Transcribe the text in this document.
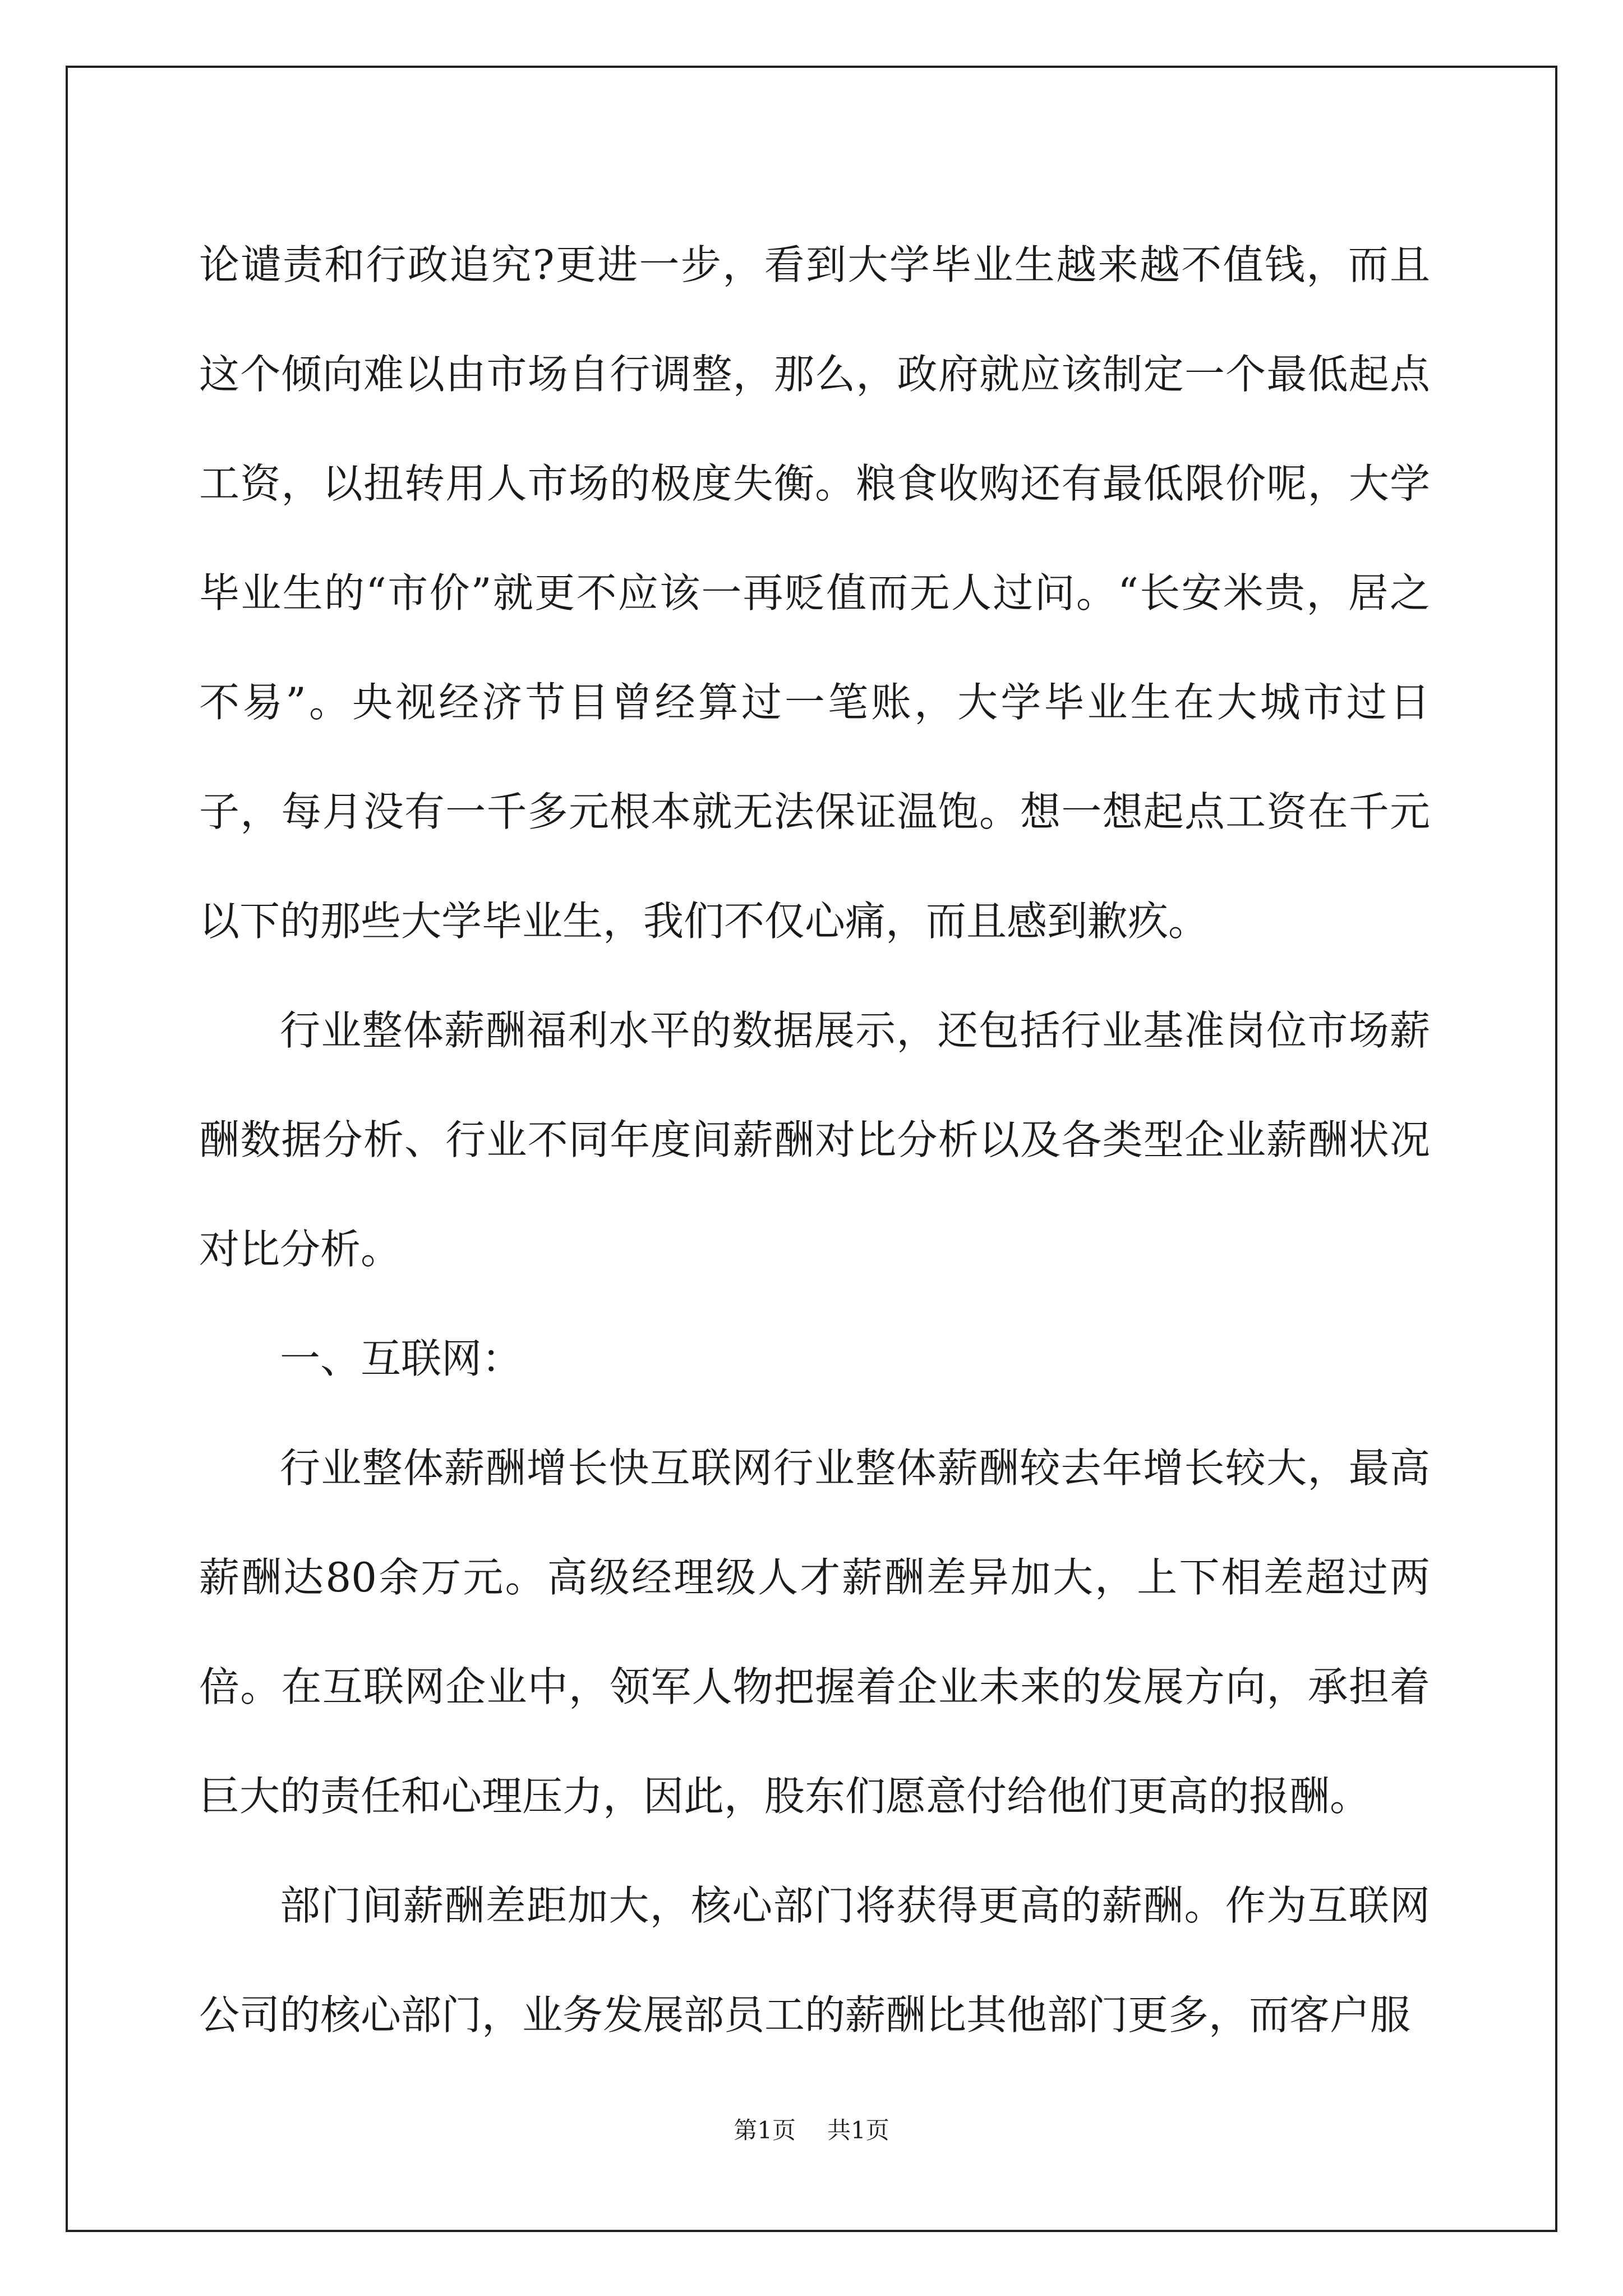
论谴责和行政追究?更进一步，看到大学毕业生越来越不值钱，而且这个倾向难以由市场自行调整，那么，政府就应该制定一个最低起点工资，以扭转用人市场的极度失衡。粮食收购还有最低限价呢，大学毕业生的“市价”就更不应该一再贬值而无人过问。“长安米贵，居之不易”。央视经济节目曾经算过一笔账，大学毕业生在大城市过日子，每月没有一千多元根本就无法保证温饱。想一想起点工资在千元以下的那些大学毕业生，我们不仅心痛，而且感到歉疚。

行业整体薪酬福利水平的数据展示，还包括行业基准岗位市场薪酬数据分析、行业不同年度间薪酬对比分析以及各类型企业薪酬状况对比分析。

一、互联网：

行业整体薪酬增长快互联网行业整体薪酬较去年增长较大，最高薪酬达80余万元。高级经理级人才薪酬差异加大，上下相差超过两倍。在互联网企业中，领军人物把握着企业未来的发展方向，承担着巨大的责任和心理压力，因此，股东们愿意付给他们更高的报酬。

部门间薪酬差距加大，核心部门将获得更高的薪酬。作为互联网公司的核心部门，业务发展部员工的薪酬比其他部门更多，而客户服

第1页 共1页
